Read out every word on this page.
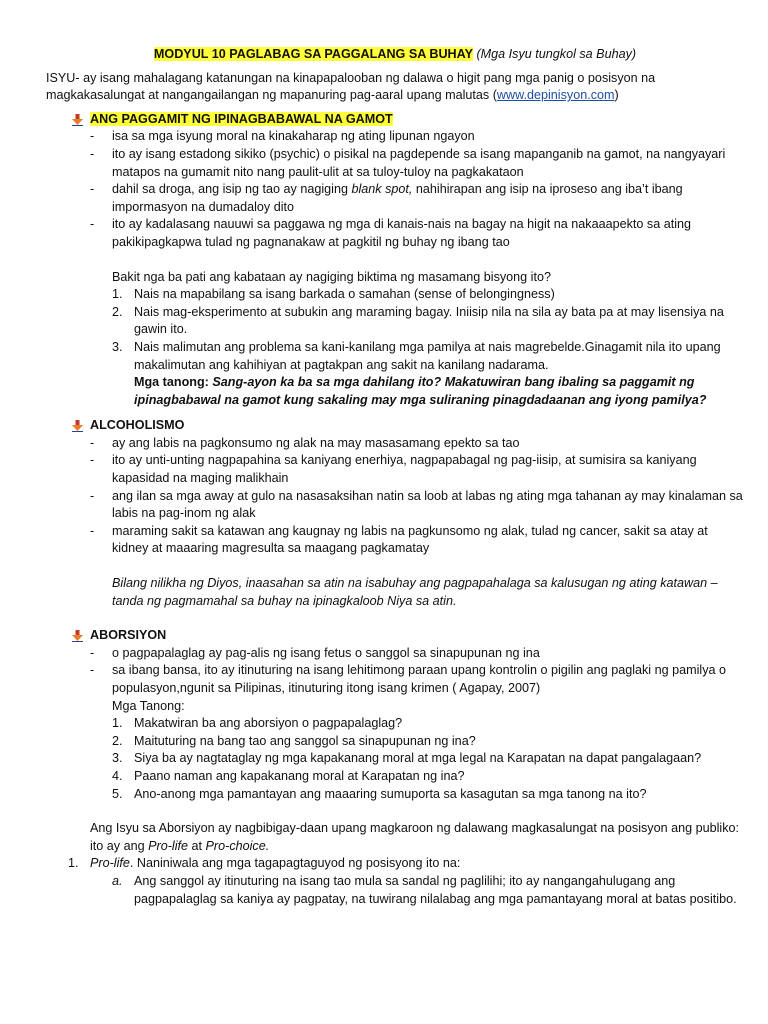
MODYUL 10 PAGLABAG SA PAGGALANG SA BUHAY (Mga Isyu tungkol sa Buhay)

ISYU- ay isang mahalagang katanungan na kinapapalooban ng dalawa o higit pang mga panig o posisyon na magkakasalungat at nangangailangan ng mapanuring pag-aaral upang malutas (www.depinisyon.com)

ANG PAGGAMIT NG IPINAGBABAWAL NA GAMOT
- isa sa mga isyung moral na kinakaharap ng ating lipunan ngayon
- ito ay isang estadong sikiko (psychic) o pisikal na pagdepende sa isang mapanganib na gamot, na nangyayari matapos na gumamit nito nang paulit-ulit at sa tuloy-tuloy na pagkakataon
- dahil sa droga, ang isip ng tao ay nagiging blank spot, nahihirapan ang isip na iproseso ang iba’t ibang impormasyon na dumadaloy dito
- ito ay kadalasang nauuwi sa paggawa ng mga di kanais-nais na bagay na higit na nakaaapekto sa ating pakikipagkapwa tulad ng pagnanakaw at pagkitil ng buhay ng ibang tao

Bakit nga ba pati ang kabataan ay nagiging biktima ng masamang bisyong ito?

1. Nais na mapabilang sa isang barkada o samahan (sense of belongingness)
2. Nais mag-eksperimento at subukin ang maraming bagay. Iniisip nila na sila ay bata pa at may lisensiya na gawin ito.
3. Nais malimutan ang problema sa kani-kanilang mga pamilya at nais magrebelde.Ginagamit nila ito upang makalimutan ang kahihiyan at pagtakpan ang sakit na kanilang nadarama.

Mga tanong: Sang-ayon ka ba sa mga dahilang ito? Makatuwiran bang ibaling sa paggamit ng ipinagbabawal na gamot kung sakaling may mga suliraning pinagdadaanan ang iyong pamilya?

ALCOHOLISMO
- ay ang labis na pagkonsumo ng alak na may masasamang epekto sa tao
- ito ay unti-unting nagpapahina sa kaniyang enerhiya, nagpapabagal ng pag-iisip, at sumisira sa kaniyang kapasidad na maging malikhain
- ang ilan sa mga away at gulo na nasasaksihan natin sa loob at labas ng ating mga tahanan ay may kinalaman sa labis na pag-inom ng alak
- maraming sakit sa katawan ang kaugnay ng labis na pagkunsomo ng alak, tulad ng cancer, sakit sa atay at kidney at maaaring magresulta sa maagang pagkamatay

Bilang nilikha ng Diyos, inaasahan sa atin na isabuhay ang pagpapahalaga sa kalusugan ng ating katawan – tanda ng pagmamahal sa buhay na ipinagkaloob Niya sa atin.

ABORSIYON
- o pagpapalaglag ay pag-alis ng isang fetus o sanggol sa sinapupunan ng ina
- sa ibang bansa, ito ay itinuturing na isang lehitimong paraan upang kontrolin o pigilin ang paglaki ng pamilya o populasyon,ngunit sa Pilipinas, itinuturing itong isang krimen ( Agapay, 2007)
Mga Tanong:
1. Makatwiran ba ang aborsiyon o pagpapalaglag?
2. Maituturing na bang tao ang sanggol sa sinapupunan ng ina?
3. Siya ba ay nagtataglay ng mga kapakanang moral at mga legal na Karapatan na dapat pangalagaan?
4. Paano naman ang kapakanang moral at Karapatan ng ina?
5. Ano-anong mga pamantayan ang maaaring sumuporta sa kasagutan sa mga tanong na ito?

Ang Isyu sa Aborsiyon ay nagbibigay-daan upang magkaroon ng dalawang magkasalungat na posisyon ang publiko: ito ay ang Pro-life at Pro-choice.

1. Pro-life. Naniniwala ang mga tagapagtaguyod ng posisyong ito na:
a. Ang sanggol ay itinuturing na isang tao mula sa sandal ng paglilihi; ito ay nangangahulugang ang pagpapalaglag sa kaniya ay pagpatay, na tuwirang nilalabag ang mga pamantayang moral at batas positibo.
